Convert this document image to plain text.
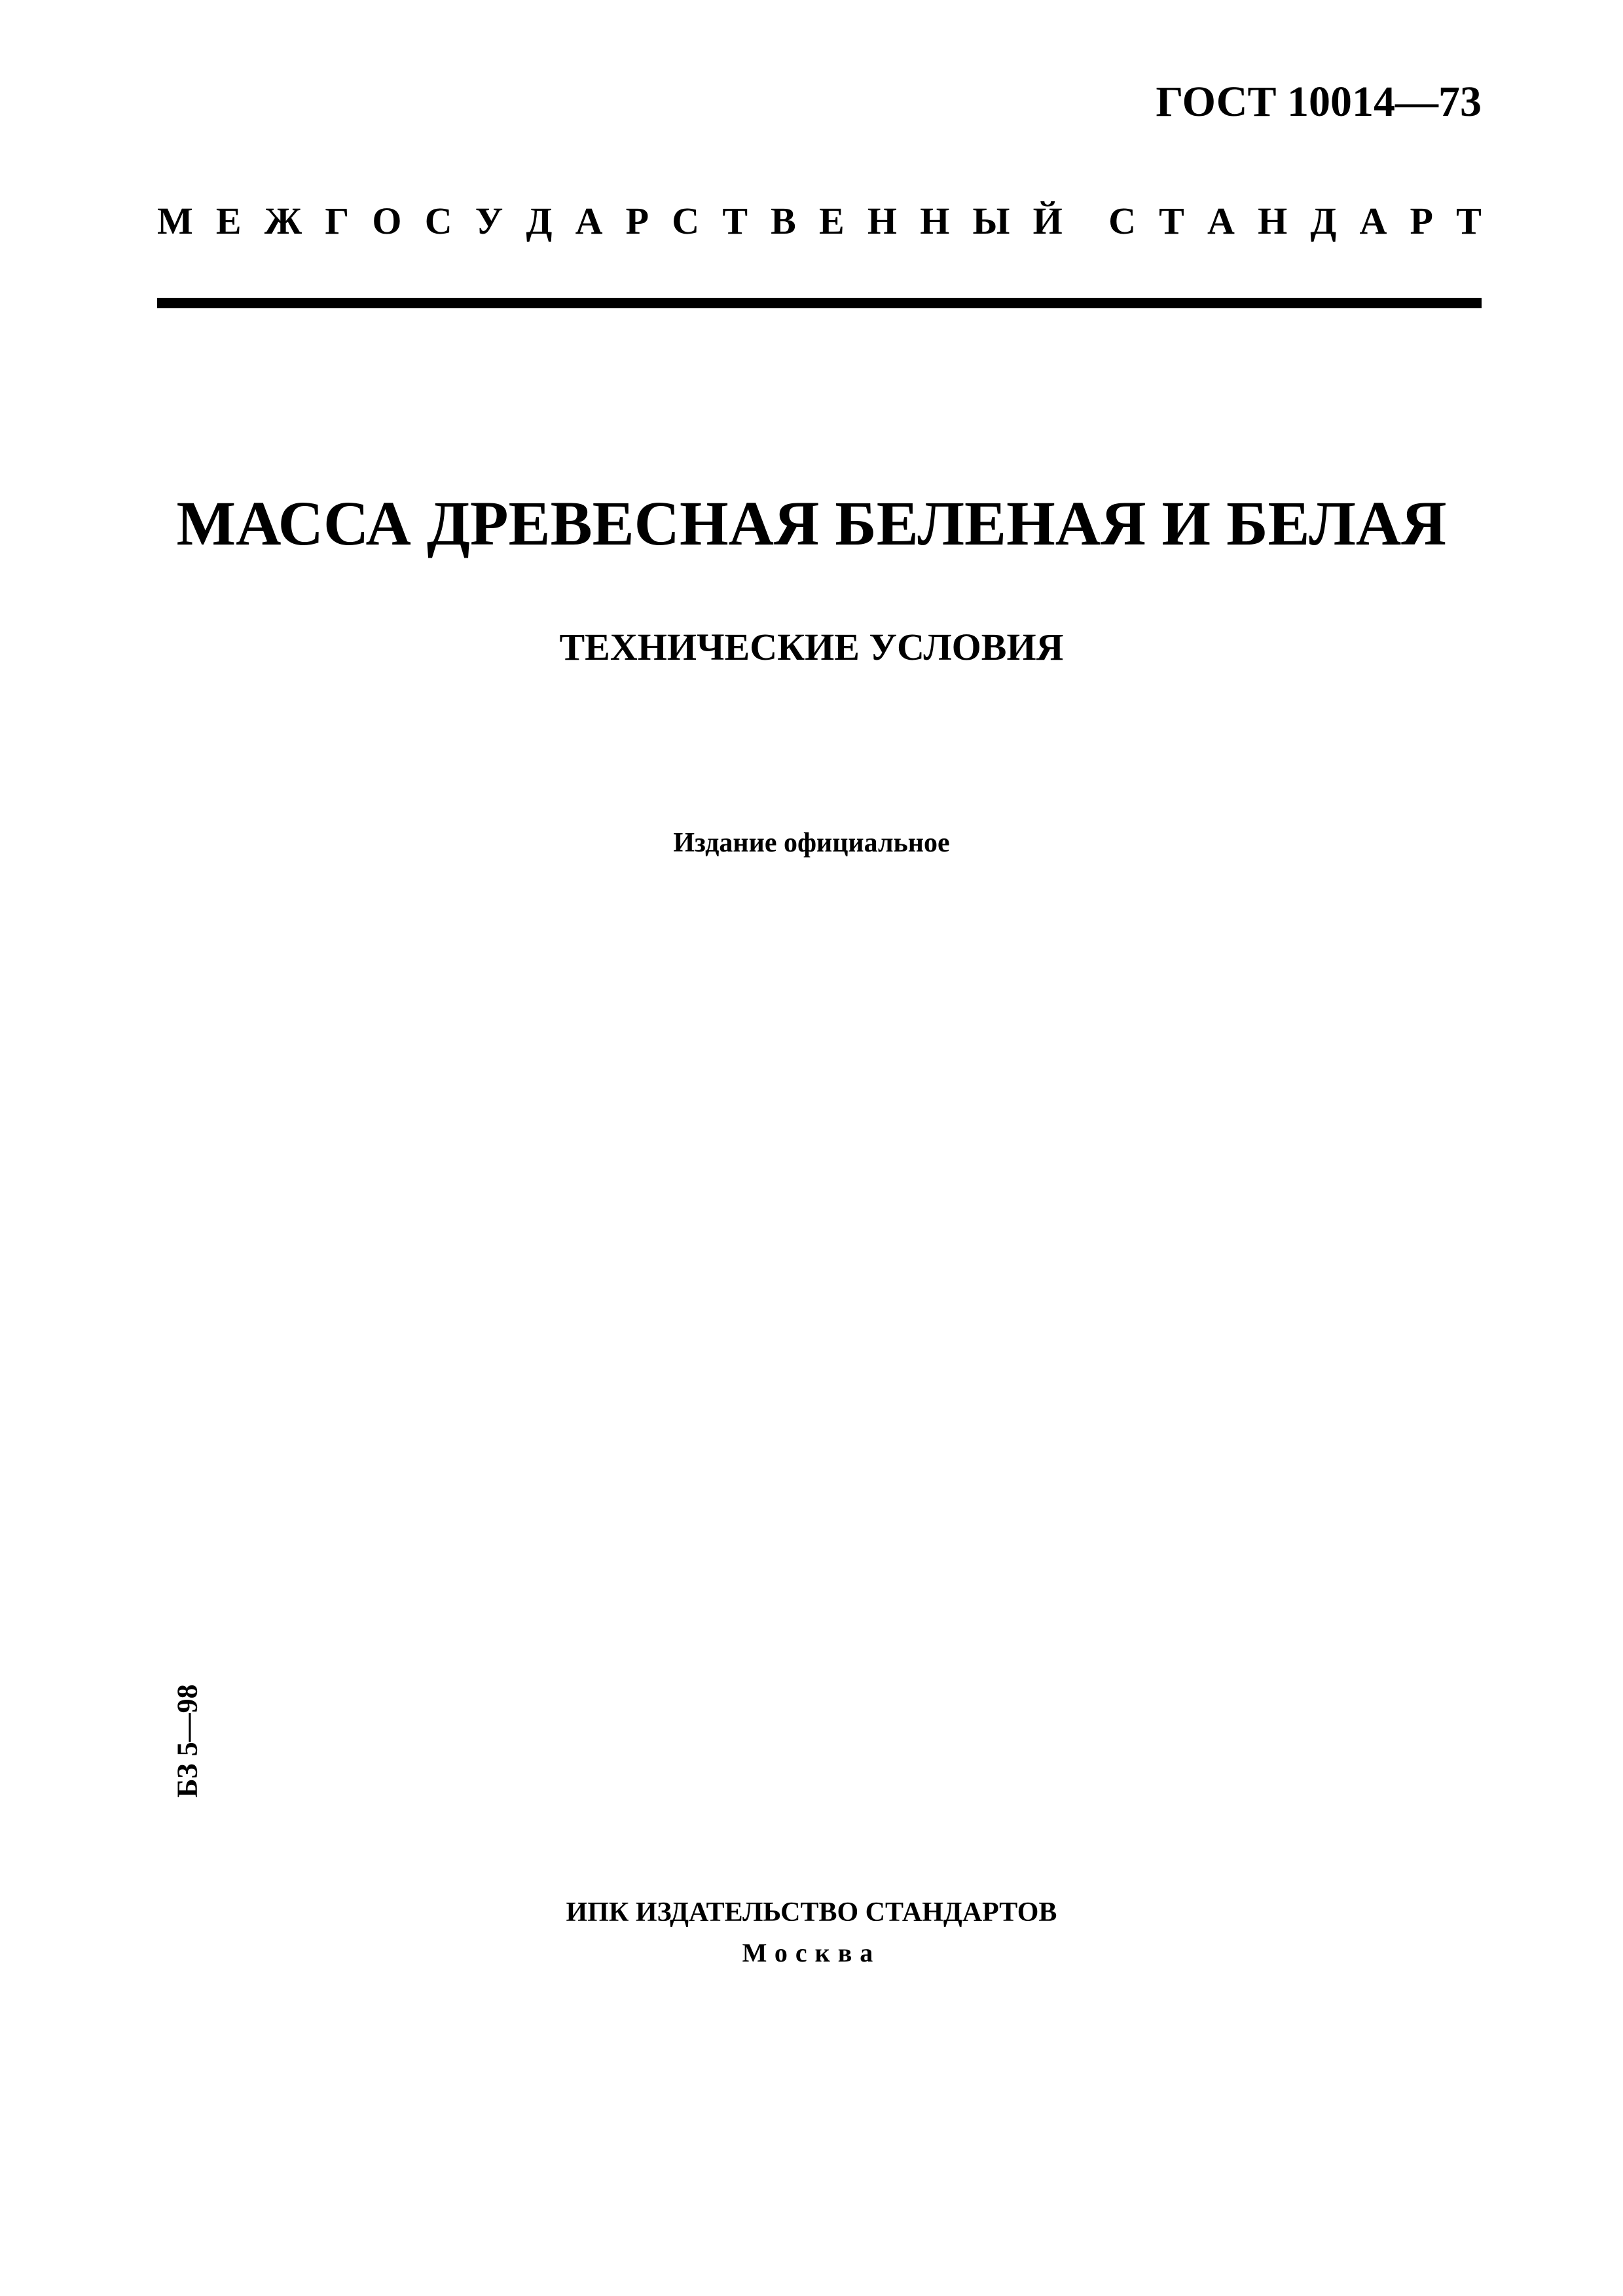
ГОСТ 10014—73
М Е Ж Г О С У Д А Р С Т В Е Н Н Ы Й С Т А Н Д А Р Т
МАССА ДРЕВЕСНАЯ БЕЛЕНАЯ И БЕЛАЯ
ТЕХНИЧЕСКИЕ УСЛОВИЯ
Издание официальное
БЗ 5—98
ИПК ИЗДАТЕЛЬСТВО СТАНДАРТОВ
Москва
